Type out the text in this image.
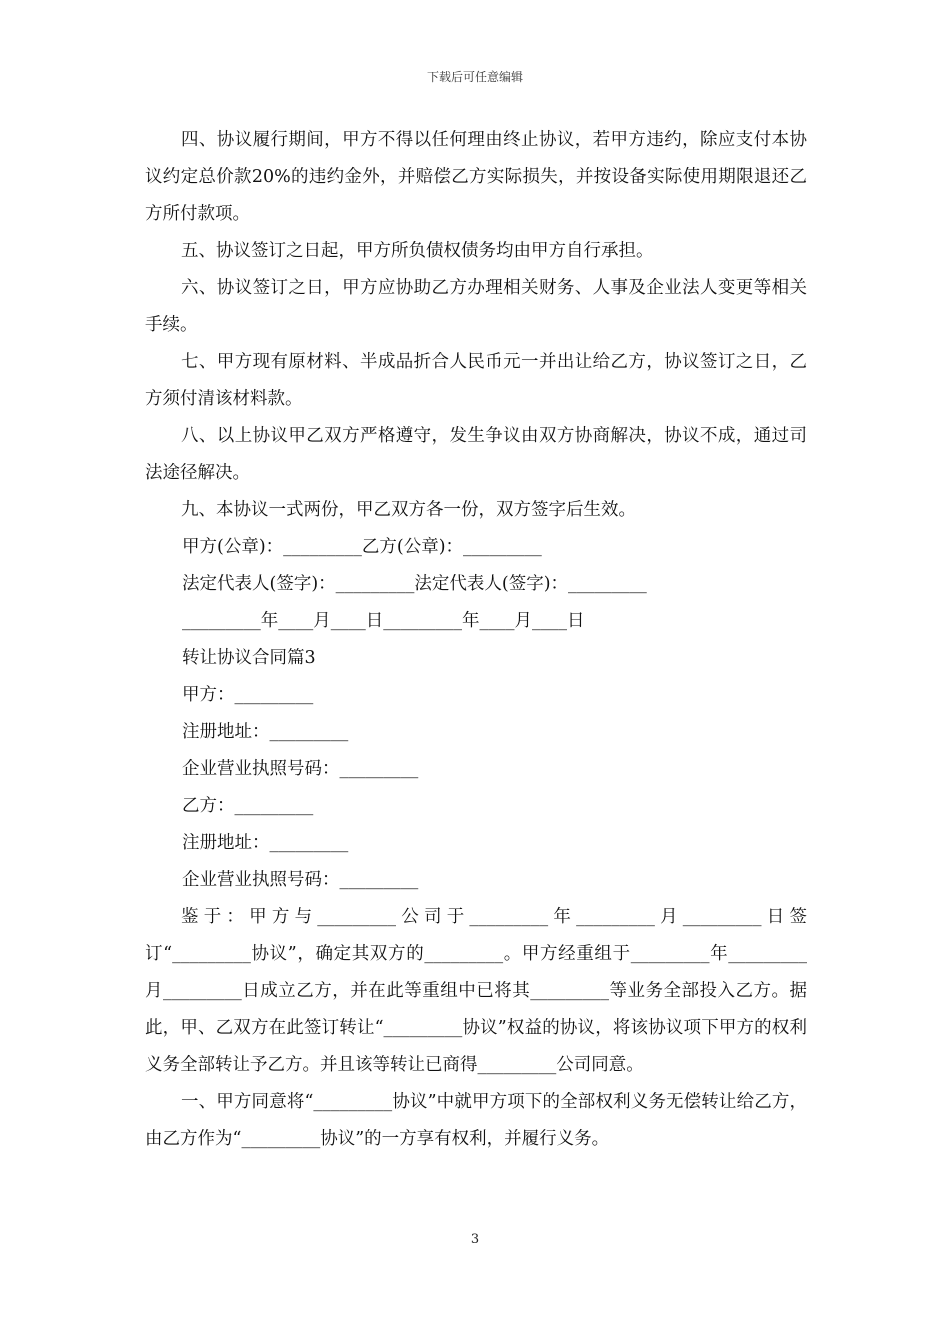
下载后可任意编辑

四、协议履行期间，甲方不得以任何理由终止协议，若甲方违约，除应支付本协议约定总价款20%的违约金外，并赔偿乙方实际损失，并按设备实际使用期限退还乙方所付款项。

五、协议签订之日起，甲方所负债权债务均由甲方自行承担。

六、协议签订之日，甲方应协助乙方办理相关财务、人事及企业法人变更等相关手续。

七、甲方现有原材料、半成品折合人民币元一并出让给乙方，协议签订之日，乙方须付清该材料款。

八、以上协议甲乙双方严格遵守，发生争议由双方协商解决，协议不成，通过司法途径解决。

九、本协议一式两份，甲乙双方各一份，双方签字后生效。

甲方(公章)：_________乙方(公章)：_________

法定代表人(签字)：_________法定代表人(签字)：_________

_________年____月____日_________年____月____日

转让协议合同篇3

甲方：_________

注册地址：_________

企业营业执照号码：_________

乙方：_________

注册地址：_________

企业营业执照号码：_________

鉴于：甲方与_________公司于_________年_________月_________日签订“_________协议”，确定其双方的_________。甲方经重组于_________年_________月_________日成立乙方，并在此等重组中已将其_________等业务全部投入乙方。据此，甲、乙双方在此签订转让“_________协议”权益的协议，将该协议项下甲方的权利义务全部转让予乙方。并且该等转让已商得_________公司同意。

一、甲方同意将“_________协议”中就甲方项下的全部权利义务无偿转让给乙方，由乙方作为“_________协议”的一方享有权利，并履行义务。

3
